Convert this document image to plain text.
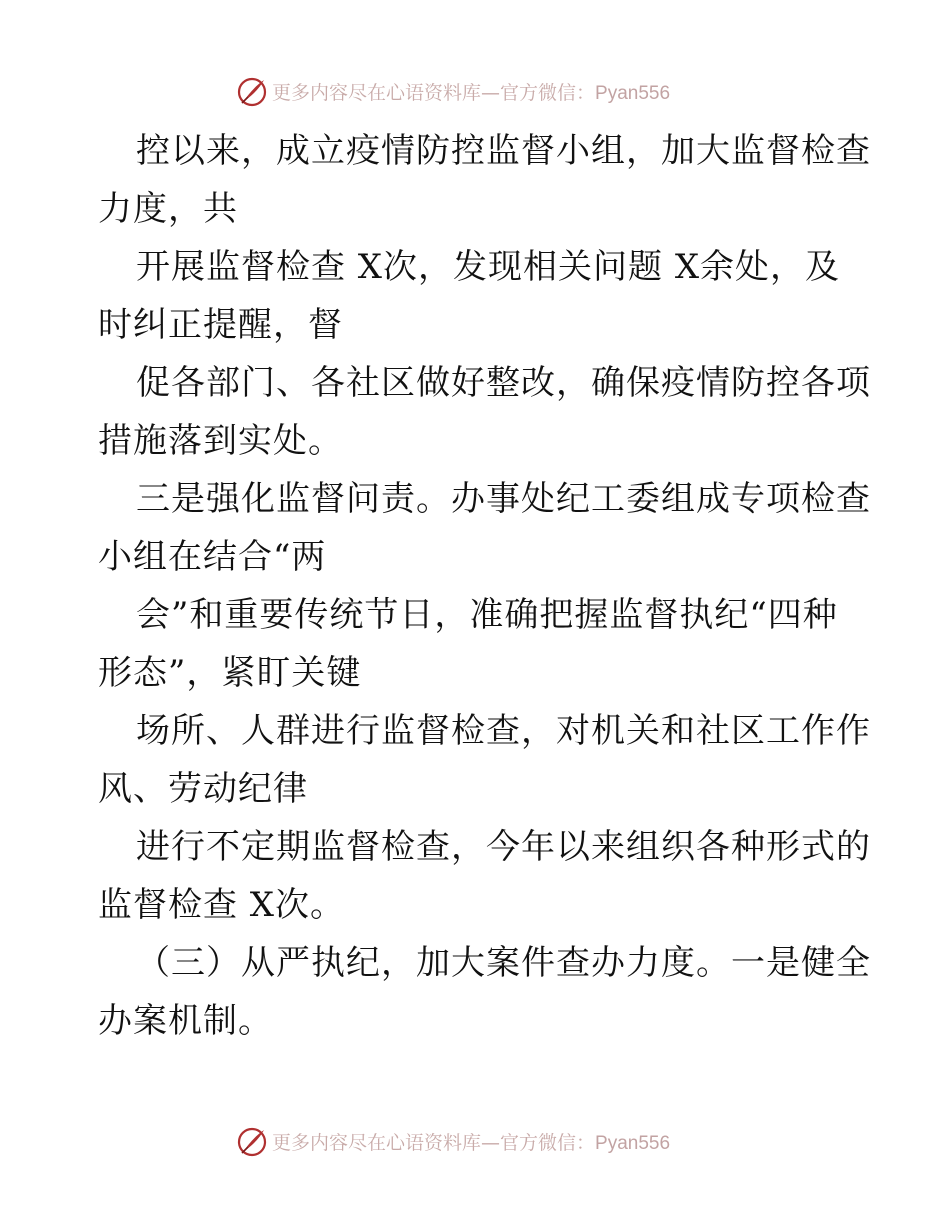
更多内容尽在心语资料库—官方微信：Pyan556
控以来，成立疫情防控监督小组，加大监督检查
力度，共
开展监督检查 X次，发现相关问题 X余处，及
时纠正提醒，督
促各部门、各社区做好整改，确保疫情防控各项
措施落到实处。
三是强化监督问责。办事处纪工委组成专项检查
小组在结合“两
会”和重要传统节日，准确把握监督执纪“四种
形态”，紧盯关键
场所、人群进行监督检查，对机关和社区工作作
风、劳动纪律
进行不定期监督检查，今年以来组织各种形式的
监督检查 X次。
（三）从严执纪，加大案件查办力度。一是健全
办案机制。
更多内容尽在心语资料库—官方微信：Pyan556
